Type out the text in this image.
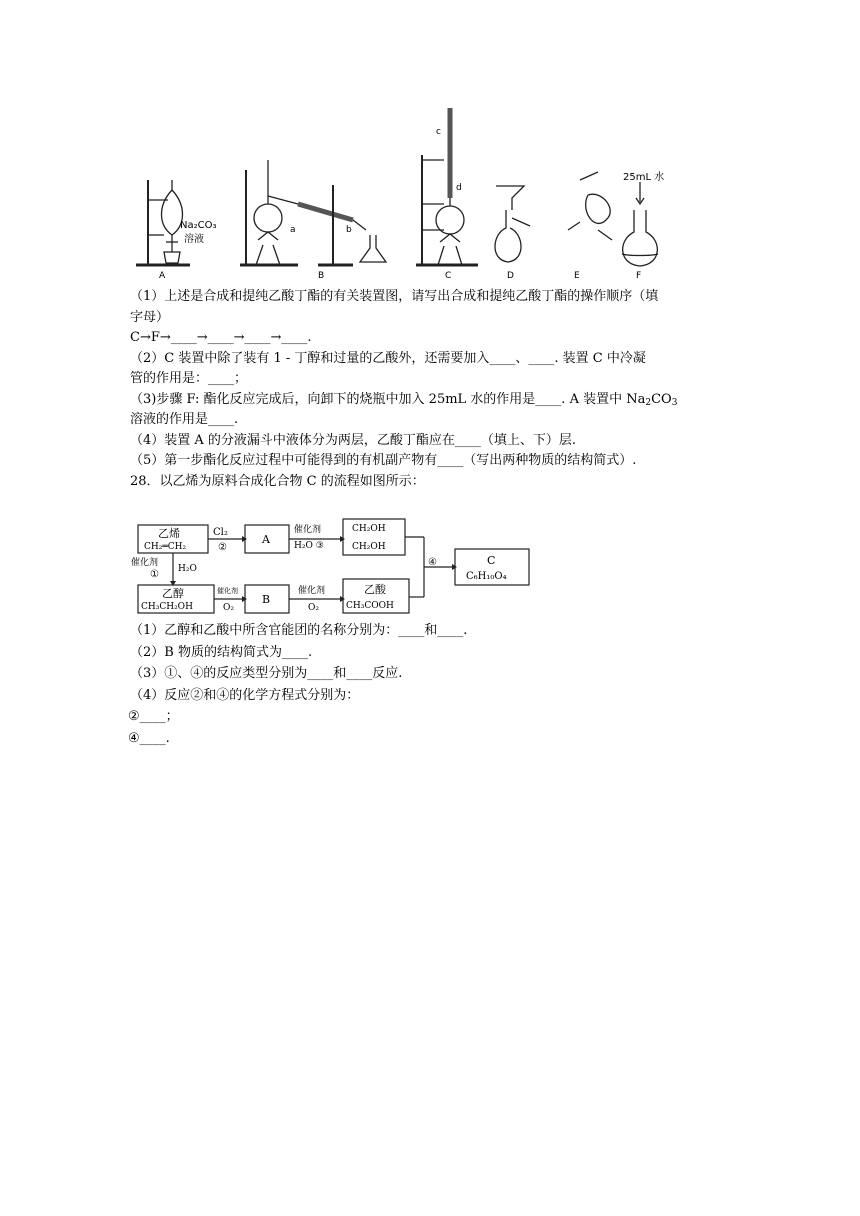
Na₂CO₃
溶液
A	B
a	b
c
d
C	D	E	F
25mL 水
（1）上述是合成和提纯乙酸丁酯的有关装置图，请写出合成和提纯乙酸丁酯的操作顺序（填
字母）
C→F→____→____→____→____.
（2）C 装置中除了装有 1 - 丁醇和过量的乙酸外，还需要加入____、____. 装置 C 中冷凝
管的作用是：____；
（3)步骤 F: 酯化反应完成后，向卸下的烧瓶中加入 25mL 水的作用是____. A 装置中 $Na_2CO_3$
溶液的作用是____.
（4）装置 A 的分液漏斗中液体分为两层，乙酸丁酯应在____（填上、下）层.
（5）第一步酯化反应过程中可能得到的有机副产物有____（写出两种物质的结构简式）.
28．以乙烯为原料合成化合物 C 的流程如图所示：
乙烯
CH₂═CH₂
Cl₂
②
A
催化剂
H₂O ③
CH₂OH
CH₂OH
④	C
C₆H₁₀O₄
催化剂
① H₂O
乙醇
CH₃CH₂OH
催化剂
O₂
B
催化剂
O₂
乙酸
CH₃COOH
（1）乙醇和乙酸中所含官能团的名称分别为：____和____.
（2）B 物质的结构简式为____.
（3）①、④的反应类型分别为____和____反应.
（4）反应②和④的化学方程式分别为：
②____；
④____.
